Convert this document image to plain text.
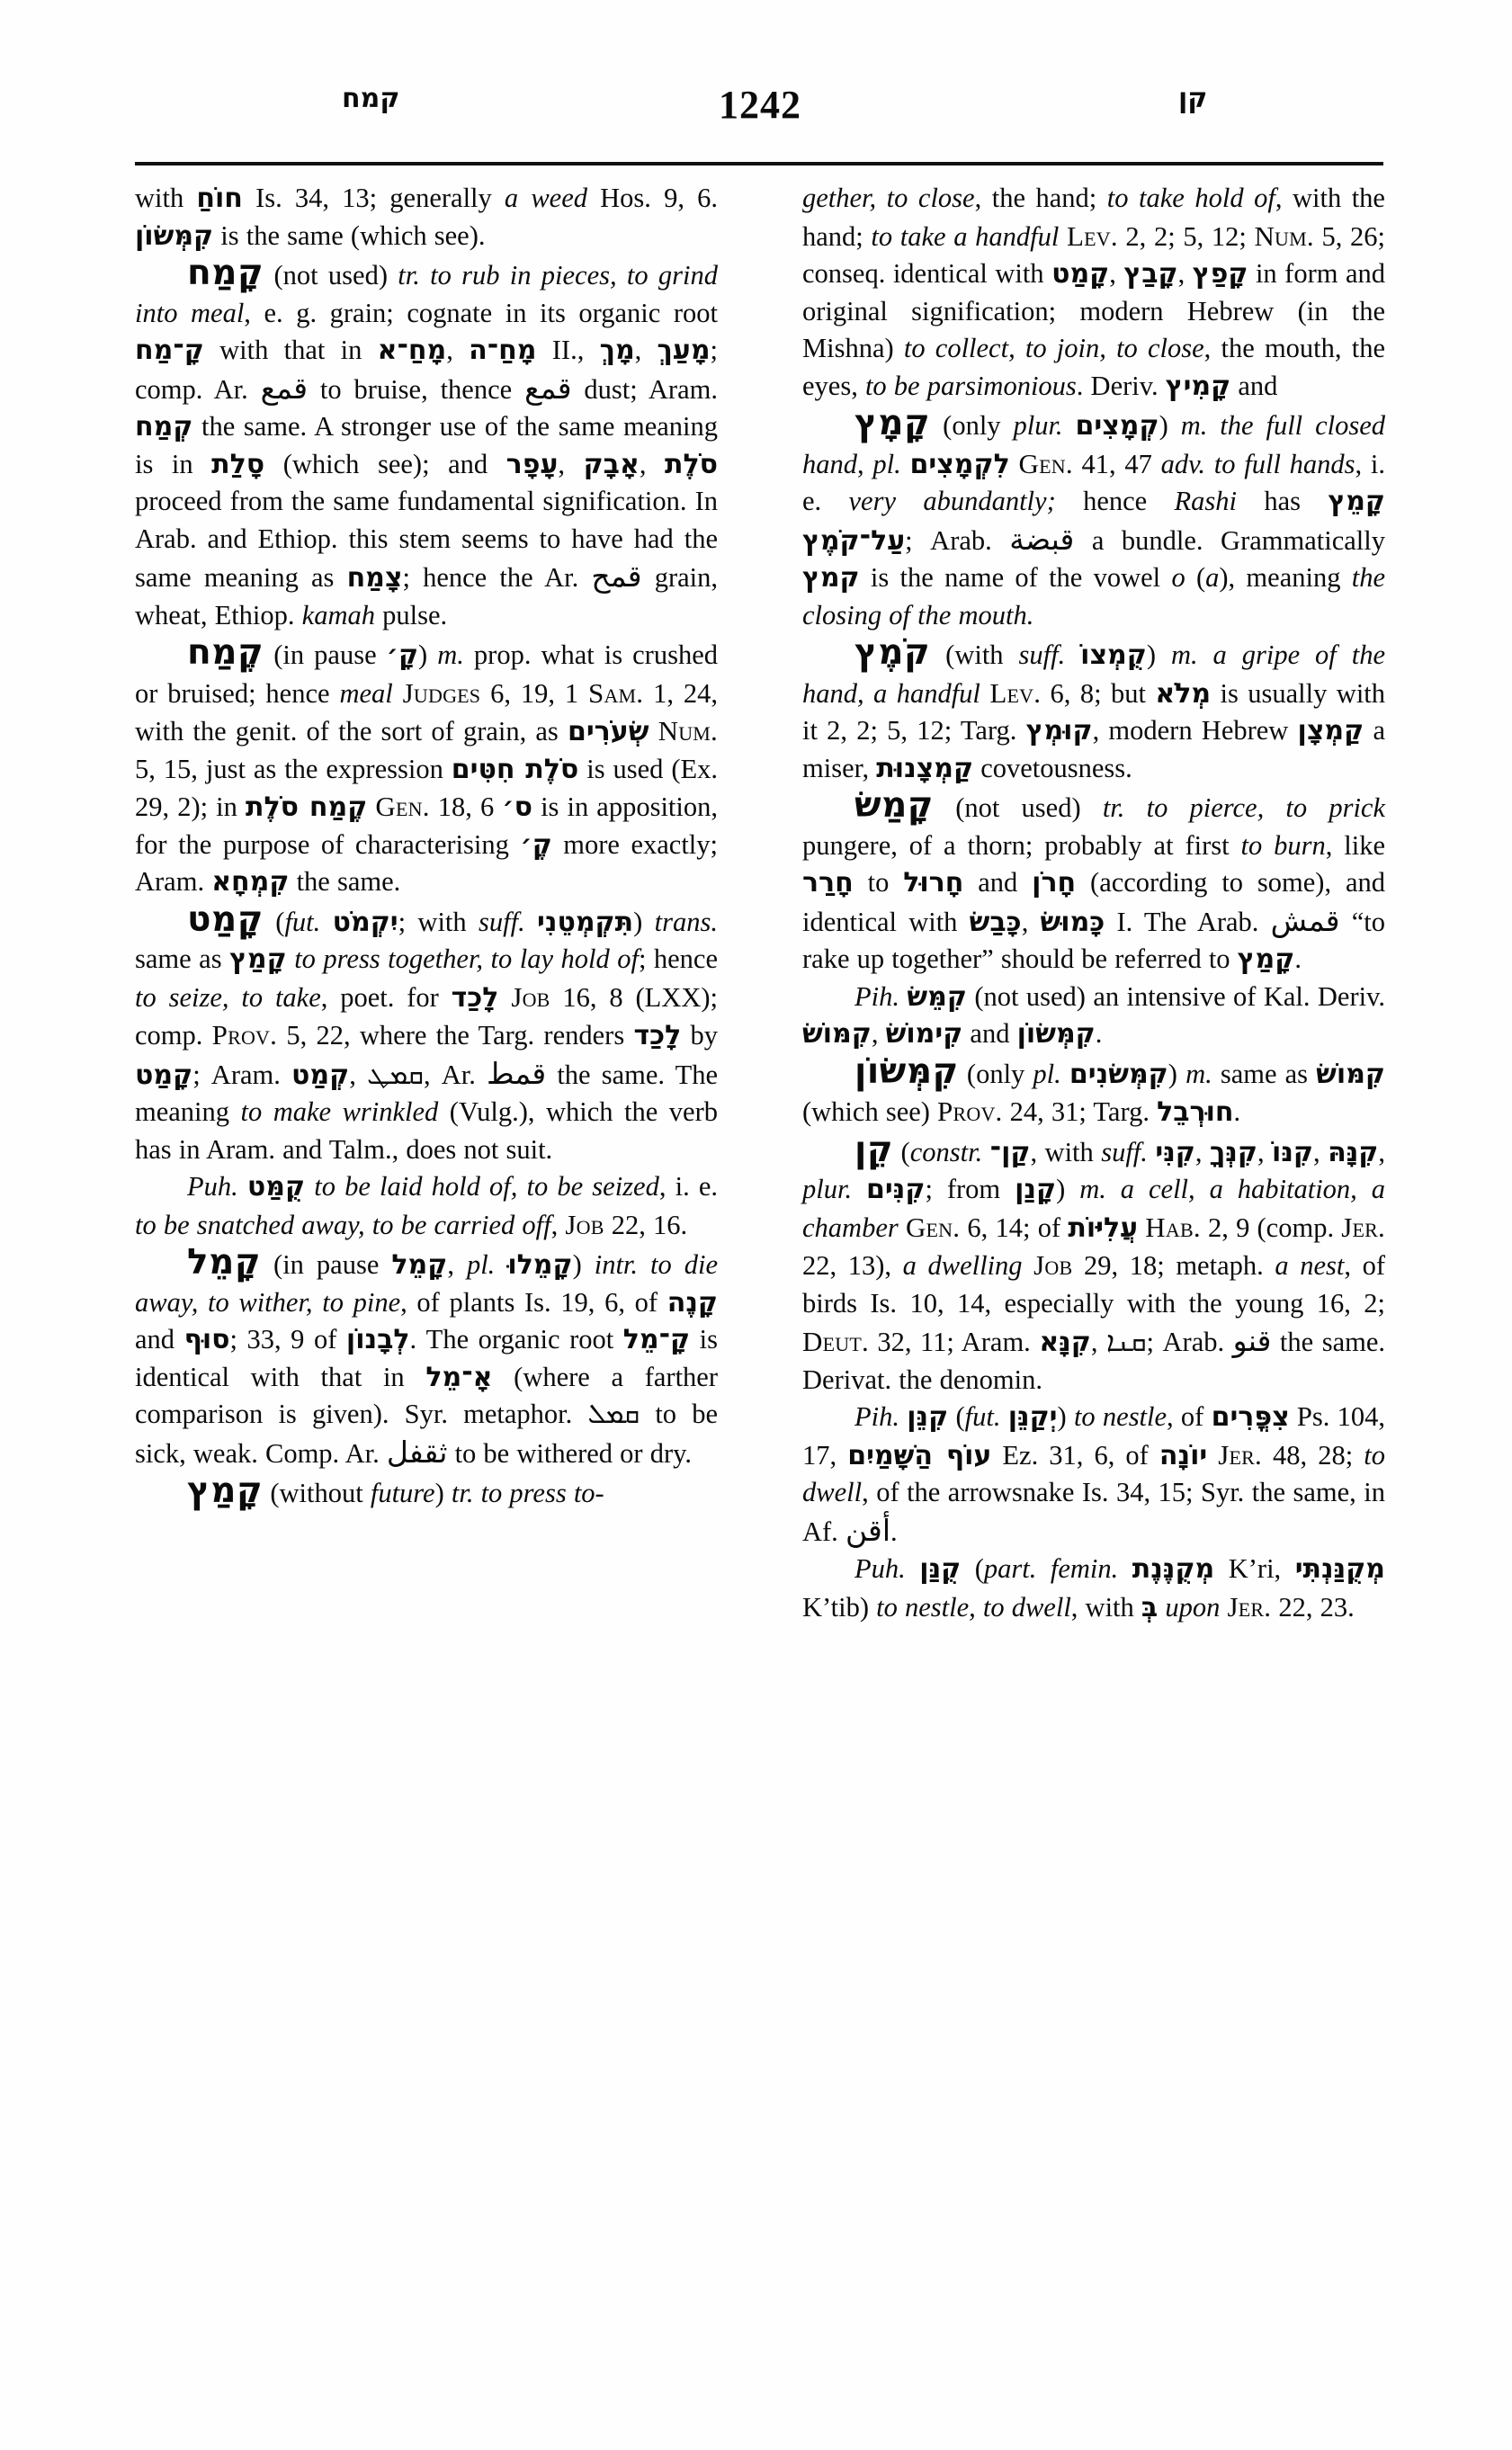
קמח	1242	קן
with חוֹחַ Is. 34, 13; generally a weed Hos. 9, 6. קִמְּשׂוֹן is the same (which see).
קָמַח (not used) tr. to rub in pieces, to grind into meal, e. g. grain; cognate in its organic root קָ־מַח with that in מָחַ־א, מָחַ־ה II., מָךְ, מָעַךְ; comp. Ar. قمع to bruise, thence قمع dust; Aram. קְמַח the same. A stronger use of the same meaning is in סָלַת (which see); and עָפָר, אָבָק, סֹלֶת proceed from the same fundamental signification. In Arab. and Ethiop. this stem seems to have had the same meaning as צָמַח; hence the Ar. قمح grain, wheat, Ethiop. kamah pulse.
קֶמַח (in pause קָ׳) m. prop. what is crushed or bruised; hence meal Judges 6, 19, 1 Sam. 1, 24, with the genit. of the sort of grain, as שְׂעֹרִים Num. 5, 15, just as the expression סֹלֶת חִטִּים is used (Ex. 29, 2); in קֶמַח סֹלֶת Gen. 18, 6 ס׳ is in apposition, for the purpose of characterising קֶ׳ more exactly; Aram. קִמְחָא the same.
קָמַט (fut. יִקְמֹט; with suff. תִּקְמְטֵנִי) trans. same as קָמַץ to press together, to lay hold of; hence to seize, to take, poet. for לָכַד Job 16, 8 (LXX); comp. Prov. 5, 22, where the Targ. renders לָכַד by קָמַט; Aram. קְמַט, ܩܡܛ, Ar. قمط the same. The meaning to make wrinkled (Vulg.), which the verb has in Aram. and Talm., does not suit.
Puh. קֻמַּט to be laid hold of, to be seized, i. e. to be snatched away, to be carried off, Job 22, 16.
קָמֵל (in pause קָמֵל, pl. קָמֵלוּ) intr. to die away, to wither, to pine, of plants Is. 19, 6, of קָנֶה and סוּף; 33, 9 of לְבָנוֹן. The organic root קָ־מֵל is identical with that in אָ־מֵל (where a farther comparison is given). Syr. metaphor. ܩܡܠ to be sick, weak. Comp. Ar. ثقفل to be withered or dry.
קָמַץ (without future) tr. to press to-
gether, to close, the hand; to take hold of, with the hand; to take a handful Lev. 2, 2; 5, 12; Num. 5, 26; conseq. identical with קָמַט, קָבַץ, קָפַץ in form and original signification; modern Hebrew (in the Mishna) to collect, to join, to close, the mouth, the eyes, to be parsimonious. Deriv. קָמִיץ and
קָמָץ (only plur. קְמָצִים) m. the full closed hand, pl. לִקְמָצִים Gen. 41, 47 adv. to full hands, i. e. very abundantly; hence Rashi has קָמֵץ עַל־קֹמֶץ; Arab. قبضة a bundle. Grammatically קמץ is the name of the vowel o (a), meaning the closing of the mouth.
קֹמֶץ (with suff. קֻמְצוֹ) m. a gripe of the hand, a handful Lev. 6, 8; but מְלֹא is usually with it 2, 2; 5, 12; Targ. קוּמְץ, modern Hebrew קַמְצָן a miser, קַמְצָנוּת covetousness.
קָמַשׂ (not used) tr. to pierce, to prick pungere, of a thorn; probably at first to burn, like חָרַר to חָרוּל and חָרֹן (according to some), and identical with כָּבַשׂ, כָּמוּשׂ I. The Arab. قمش “to rake up together” should be referred to קָמַץ.
Pih. קִמֵּשׂ (not used) an intensive of Kal. Deriv. קִמּוֹשׂ, קִימוֹשׂ and קִמְּשׂוֹן.
קִמְּשׂוֹן (only pl. קִמְּשׂנִים) m. same as קִמּוֹשׂ (which see) Prov. 24, 31; Targ. חוּרְבֵל.
קֵן (constr. קַן־, with suff. קִנִּי, קִנְּךָ, קִנּוֹ, קִנָּהּ, plur. קִנִּים; from קָנַן) m. a cell, a habitation, a chamber Gen. 6, 14; of עֲלִיּוֹת Hab. 2, 9 (comp. Jer. 22, 13), a dwelling Job 29, 18; metaph. a nest, of birds Is. 10, 14, especially with the young 16, 2; Deut. 32, 11; Aram. קִנָּא, ܩܢܐ; Arab. قنو the same. Derivat. the denomin.
Pih. קִנֵּן (fut. יְקַנֵּן) to nestle, of צִפֳּרִים Ps. 104, 17, עוֹף הַשָּׁמַיִם Ez. 31, 6, of יוֹנָה Jer. 48, 28; to dwell, of the arrowsnake Is. 34, 15; Syr. the same, in Af. أقن.
Puh. קֻנַּן (part. femin. מְקֻנֶּנֶת K’ri, מְקֻנַּנְתִּי K’tib) to nestle, to dwell, with בְּ upon Jer. 22, 23.
